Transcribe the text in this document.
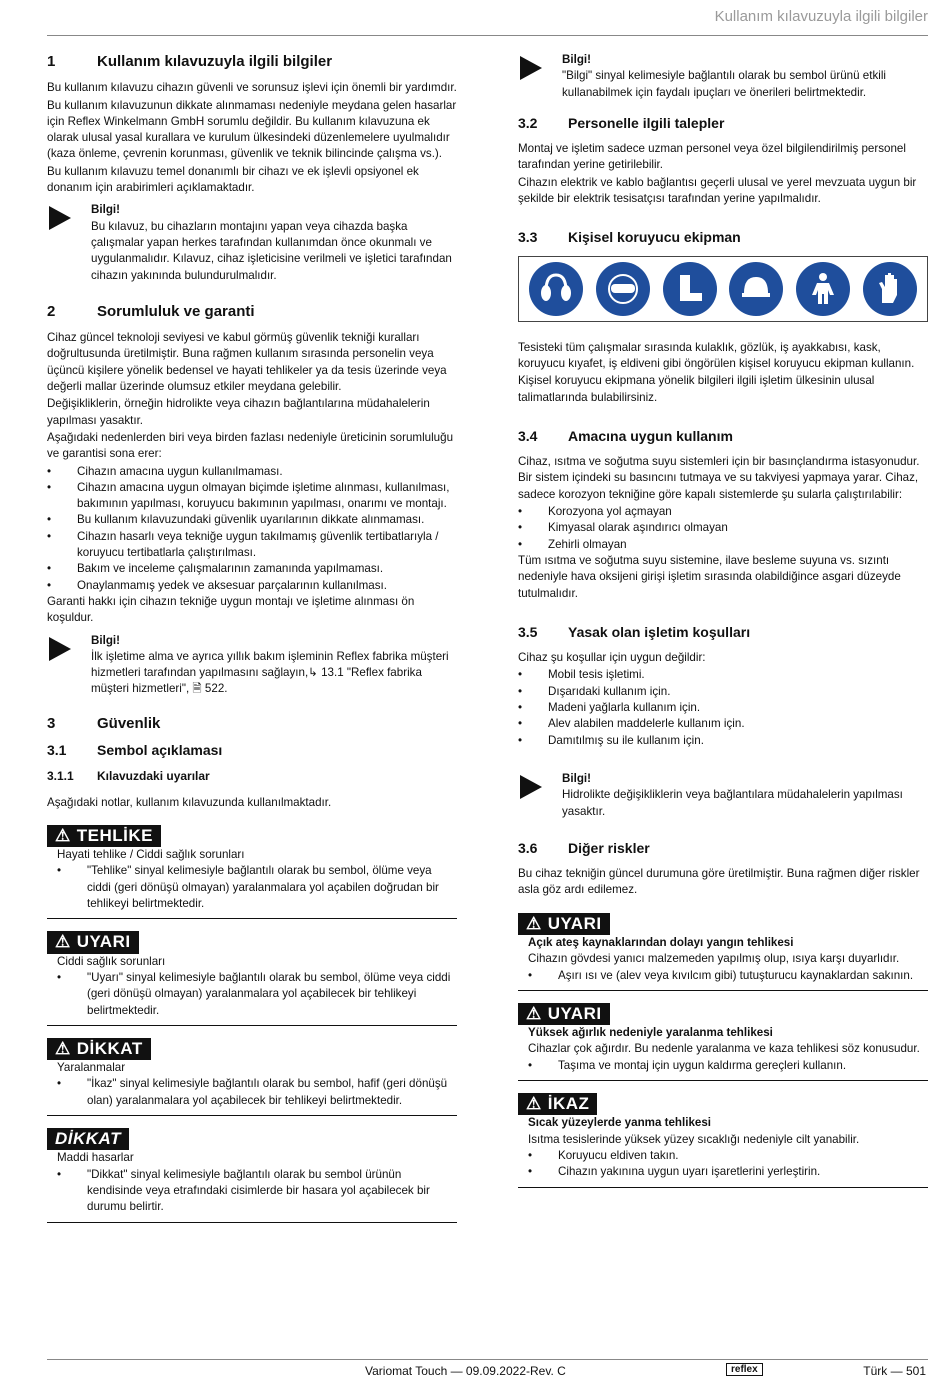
Kullanım kılavuzuyla ilgili bilgiler
1	Kullanım kılavuzuyla ilgili bilgiler

Bu kullanım kılavuzu cihazın güvenli ve sorunsuz işlevi için önemli bir yardımdır.

Bu kullanım kılavuzunun dikkate alınmaması nedeniyle meydana gelen hasarlar için Reflex Winkelmann GmbH sorumlu değildir. Bu kullanım kılavuzuna ek olarak ulusal yasal kurallara ve kurulum ülkesindeki düzenlemelere uyulmalıdır (kaza önleme, çevrenin korunması, güvenlik ve teknik bilincinde çalışma vs.).

Bu kullanım kılavuzu temel donanımlı bir cihazı ve ek işlevli opsiyonel ek donanım için arabirimleri açıklamaktadır.

Bilgi!
Bu kılavuz, bu cihazların montajını yapan veya cihazda başka çalışmalar yapan herkes tarafından kullanımdan önce okunmalı ve uygulanmalıdır. Kılavuz, cihaz işleticisine verilmeli ve işletici tarafından cihazın yakınında bulundurulmalıdır.
2	Sorumluluk ve garanti

Cihaz güncel teknoloji seviyesi ve kabul görmüş güvenlik tekniği kuralları doğrultusunda üretilmiştir. Buna rağmen kullanım sırasında personelin veya üçüncü kişilere yönelik bedensel ve hayati tehlikeler ya da tesis üzerinde veya değerli mallar üzerinde olumsuz etkiler meydana gelebilir.

Değişikliklerin, örneğin hidrolikte veya cihazın bağlantılarına müdahalelerin yapılması yasaktır.

Aşağıdaki nedenlerden biri veya birden fazlası nedeniyle üreticinin sorumluluğu ve garantisi sona erer:

• Cihazın amacına uygun kullanılmaması.
• Cihazın amacına uygun olmayan biçimde işletime alınması, kullanılması, bakımının yapılması, koruyucu bakımının yapılması, onarımı ve montajı.
• Bu kullanım kılavuzundaki güvenlik uyarılarının dikkate alınmaması.
• Cihazın hasarlı veya tekniğe uygun takılmamış güvenlik tertibatlarıyla / koruyucu tertibatlarla çalıştırılması.
• Bakım ve inceleme çalışmalarının zamanında yapılmaması.
• Onaylanmamış yedek ve aksesuar parçalarının kullanılması.

Garanti hakkı için cihazın tekniğe uygun montajı ve işletime alınması ön koşuldur.

Bilgi!
İlk işletime alma ve ayrıca yıllık bakım işleminin Reflex fabrika müşteri hizmetleri tarafından yapılmasını sağlayın,↳ 13.1 "Reflex fabrika müşteri hizmetleri", 🗎 522.
3	Güvenlik
3.1	Sembol açıklaması
3.1.1	Kılavuzdaki uyarılar

Aşağıdaki notlar, kullanım kılavuzunda kullanılmaktadır.

⚠ TEHLİKE
Hayati tehlike / Ciddi sağlık sorunları
• "Tehlike" sinyal kelimesiyle bağlantılı olarak bu sembol, ölüme veya ciddi (geri dönüşü olmayan) yaralanmalara yol açabilen doğrudan bir tehlikeyi belirtmektedir.
⚠ UYARI
Ciddi sağlık sorunları
• "Uyarı" sinyal kelimesiyle bağlantılı olarak bu sembol, ölüme veya ciddi (geri dönüşü olmayan) yaralanmalara yol açabilecek bir tehlikeyi belirtmektedir.
⚠ DİKKAT
Yaralanmalar
• "İkaz" sinyal kelimesiyle bağlantılı olarak bu sembol, hafif (geri dönüşü olan) yaralanmalara yol açabilecek bir tehlikeyi belirtmektedir.
DİKKAT
Maddi hasarlar
• "Dikkat" sinyal kelimesiyle bağlantılı olarak bu sembol ürünün kendisinde veya etrafındaki cisimlerde bir hasara yol açabilecek bir durumu belirtir.
Bilgi!
"Bilgi" sinyal kelimesiyle bağlantılı olarak bu sembol ürünü etkili kullanabilmek için faydalı ipuçları ve önerileri belirtmektedir.
3.2	Personelle ilgili talepler

Montaj ve işletim sadece uzman personel veya özel bilgilendirilmiş personel tarafından yerine getirilebilir.

Cihazın elektrik ve kablo bağlantısı geçerli ulusal ve yerel mevzuata uygun bir şekilde bir elektrik tesisatçısı tarafından yerine yapılmalıdır.

3.3	Kişisel koruyucu ekipman

Tesisteki tüm çalışmalar sırasında kulaklık, gözlük, iş ayakkabısı, kask, koruyucu kıyafet, iş eldiveni gibi öngörülen kişisel koruyucu ekipman kullanın.

Kişisel koruyucu ekipmana yönelik bilgileri ilgili işletim ülkesinin ulusal talimatlarında bulabilirsiniz.

3.4	Amacına uygun kullanım

Cihaz, ısıtma ve soğutma suyu sistemleri için bir basınçlandırma istasyonudur. Bir sistem içindeki su basıncını tutmaya ve su takviyesi yapmaya yarar. Cihaz, sadece korozyon tekniğine göre kapalı sistemlerde şu sularla çalıştırılabilir:

• Korozyona yol açmayan
• Kimyasal olarak aşındırıcı olmayan
• Zehirli olmayan

Tüm ısıtma ve soğutma suyu sistemine, ilave besleme suyuna vs. sızıntı nedeniyle hava oksijeni girişi işletim sırasında olabildiğince asgari düzeyde tutulmalıdır.

3.5	Yasak olan işletim koşulları

Cihaz şu koşullar için uygun değildir:

• Mobil tesis işletimi.
• Dışarıdaki kullanım için.
• Madeni yağlarla kullanım için.
• Alev alabilen maddelerle kullanım için.
• Damıtılmış su ile kullanım için.
Bilgi!
Hidrolikte değişikliklerin veya bağlantılara müdahalelerin yapılması yasaktır.
3.6	Diğer riskler

Bu cihaz tekniğin güncel durumuna göre üretilmiştir. Buna rağmen diğer riskler asla göz ardı edilemez.

⚠ UYARI
Açık ateş kaynaklarından dolayı yangın tehlikesi
Cihazın gövdesi yanıcı malzemeden yapılmış olup, ısıya karşı duyarlıdır.
• Aşırı ısı ve (alev veya kıvılcım gibi) tutuşturucu kaynaklardan sakının.
⚠ UYARI
Yüksek ağırlık nedeniyle yaralanma tehlikesi
Cihazlar çok ağırdır. Bu nedenle yaralanma ve kaza tehlikesi söz konusudur.
• Taşıma ve montaj için uygun kaldırma gereçleri kullanın.
⚠ İKAZ
Sıcak yüzeylerde yanma tehlikesi
Isıtma tesislerinde yüksek yüzey sıcaklığı nedeniyle cilt yanabilir.
• Koruyucu eldiven takın.
• Cihazın yakınına uygun uyarı işaretlerini yerleştirin.
Variomat Touch — 09.09.2022-Rev. C	reflex	Türk — 501
